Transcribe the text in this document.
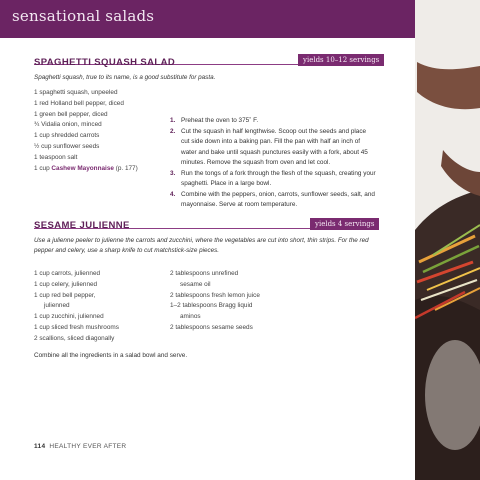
sensational salads
yields 10–12 servings
SPAGHETTI SQUASH SALAD
Spaghetti squash, true to its name, is a good substitute for pasta.
1 spaghetti squash, unpeeled
1 red Holland bell pepper, diced
1 green bell pepper, diced
¾ Vidalia onion, minced
1 cup shredded carrots
½ cup sunflower seeds
1 teaspoon salt
1 cup Cashew Mayonnaise (p. 177)
1. Preheat the oven to 375˚ F.
2. Cut the squash in half lengthwise. Scoop out the seeds and place cut side down into a baking pan. Fill the pan with half an inch of water and bake until squash punctures easily with a fork, about 45 minutes. Remove the squash from oven and let cool.
3. Run the tongs of a fork through the flesh of the squash, creating your spaghetti. Place in a large bowl.
4. Combine with the peppers, onion, carrots, sunflower seeds, salt, and mayonnaise. Serve at room temperature.
yields 4 servings
SESAME JULIENNE
Use a julienne peeler to julienne the carrots and zucchini, where the vegetables are cut into short, thin strips. For the red pepper and celery, use a sharp knife to cut matchstick-size pieces.
1 cup carrots, julienned
1 cup celery, julienned
1 cup red bell pepper,
julienned
1 cup zucchini, julienned
1 cup sliced fresh mushrooms
2 scallions, sliced diagonally
2 tablespoons unrefined
sesame oil
2 tablespoons fresh lemon juice
1–2 tablespoons Bragg liquid
aminos
2 tablespoons sesame seeds
Combine all the ingredients in a salad bowl and serve.
114 HEALTHY EVER AFTER
